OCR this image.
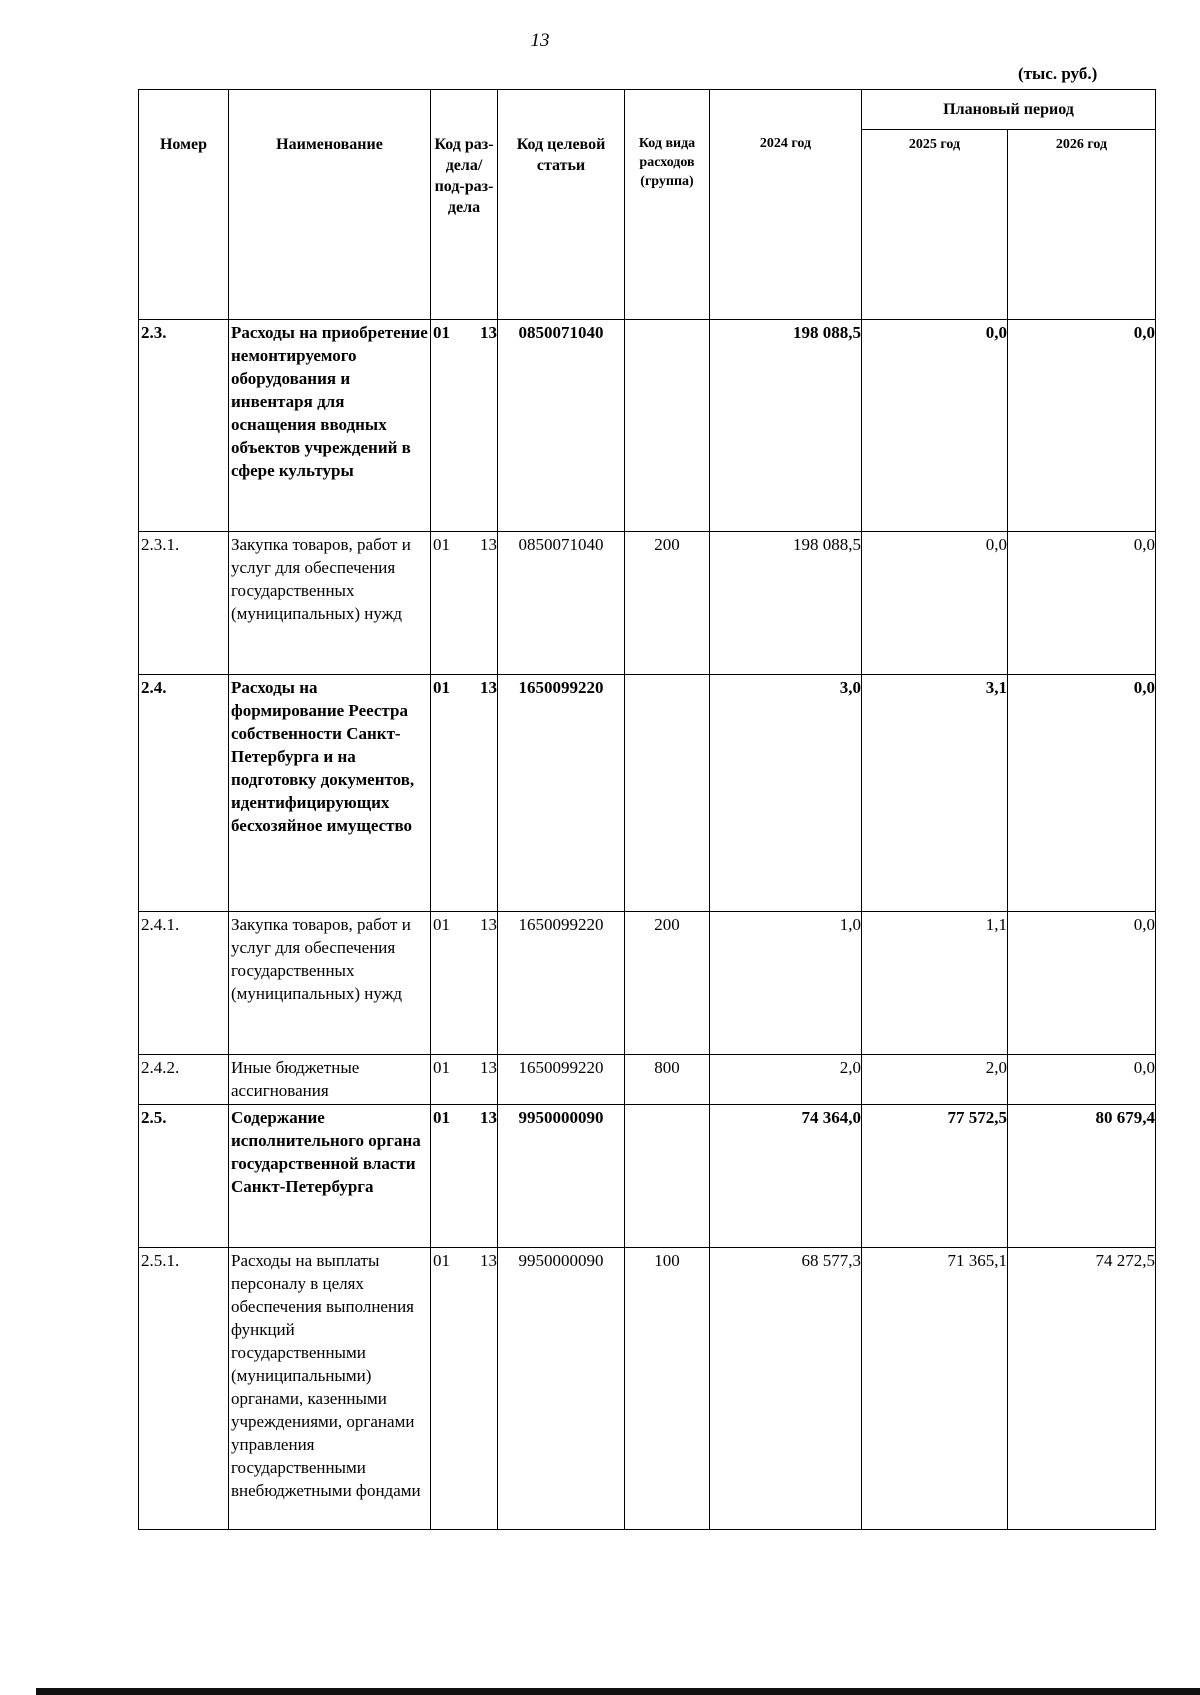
13
(тыс. руб.)
Номер	Наименование	Код раз-дела/ под-раз-дела	Код целевой статьи	Код вида расходов (группа)	2024 год	Плановый период	
						2025 год	2026 год
2.3.	Расходы на приобретение немонтируемого оборудования и инвентаря для оснащения вводных объектов учреждений в сфере культуры	01 13	0850071040		198 088,5	0,0	0,0
2.3.1.	Закупка товаров, работ и услуг для обеспечения государственных (муниципальных) нужд	01 13	0850071040	200	198 088,5	0,0	0,0
2.4.	Расходы на формирование Реестра собственности Санкт-Петербурга и на подготовку документов, идентифицирующих бесхозяйное имущество	01 13	1650099220		3,0	3,1	0,0
2.4.1.	Закупка товаров, работ и услуг для обеспечения государственных (муниципальных) нужд	01 13	1650099220	200	1,0	1,1	0,0
2.4.2.	Иные бюджетные ассигнования	01 13	1650099220	800	2,0	2,0	0,0
2.5.	Содержание исполнительного органа государственной власти Санкт-Петербурга	01 13	9950000090		74 364,0	77 572,5	80 679,4
2.5.1.	Расходы на выплаты персоналу в целях обеспечения выполнения функций государственными (муниципальными) органами, казенными учреждениями, органами управления государственными внебюджетными фондами	01 13	9950000090	100	68 577,3	71 365,1	74 272,5
